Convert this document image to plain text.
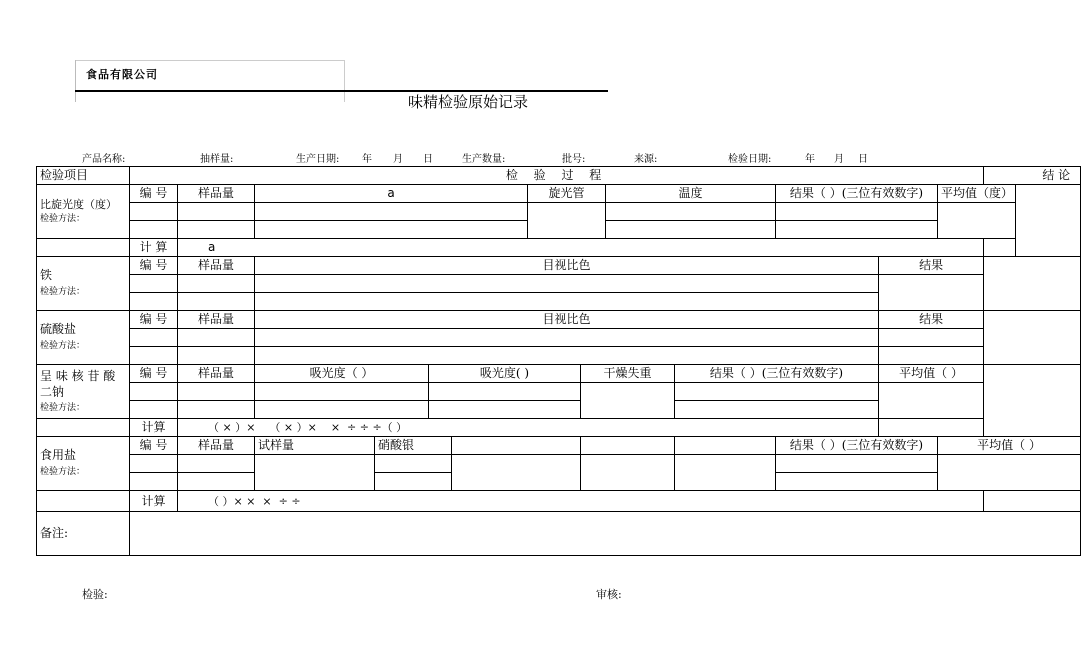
食品有限公司
味精检验原始记录
产品名称:	抽样量:	生产日期: 年 月 日	生产数量:	批号:	来源:	检验日期:	年 月 日
检验项目	检 验 过 程													结 论		

比旋光度（度）
检验方法：	编 号	样品量	a				旋光管		温度		结果（ ）(三位有效数字)		平均值（度）			

	计 算	a														

铁
检验方法：	编 号	样品量	目视比色									结果				

硫酸盐
检验方法：	编 号	样品量	目视比色									结果				

呈 味 核 苷 酸 二钠
检验方法：	编 号	样品量	吸光度（ ）		吸光度( )			干燥失重		结果（ ）(三位有效数字)		平均值（ ）				

	计算	（ × ）×    （ × ）×    ×  ÷ ÷ ÷（ ）														

食用盐
检验方法：	编 号	样品量	试样量	硝酸银							结果（ ）(三位有效数字)		平均值（ ）			

	计算	（ ）× ×  ×  ÷ ÷														
备注:																
检验:	审核:
